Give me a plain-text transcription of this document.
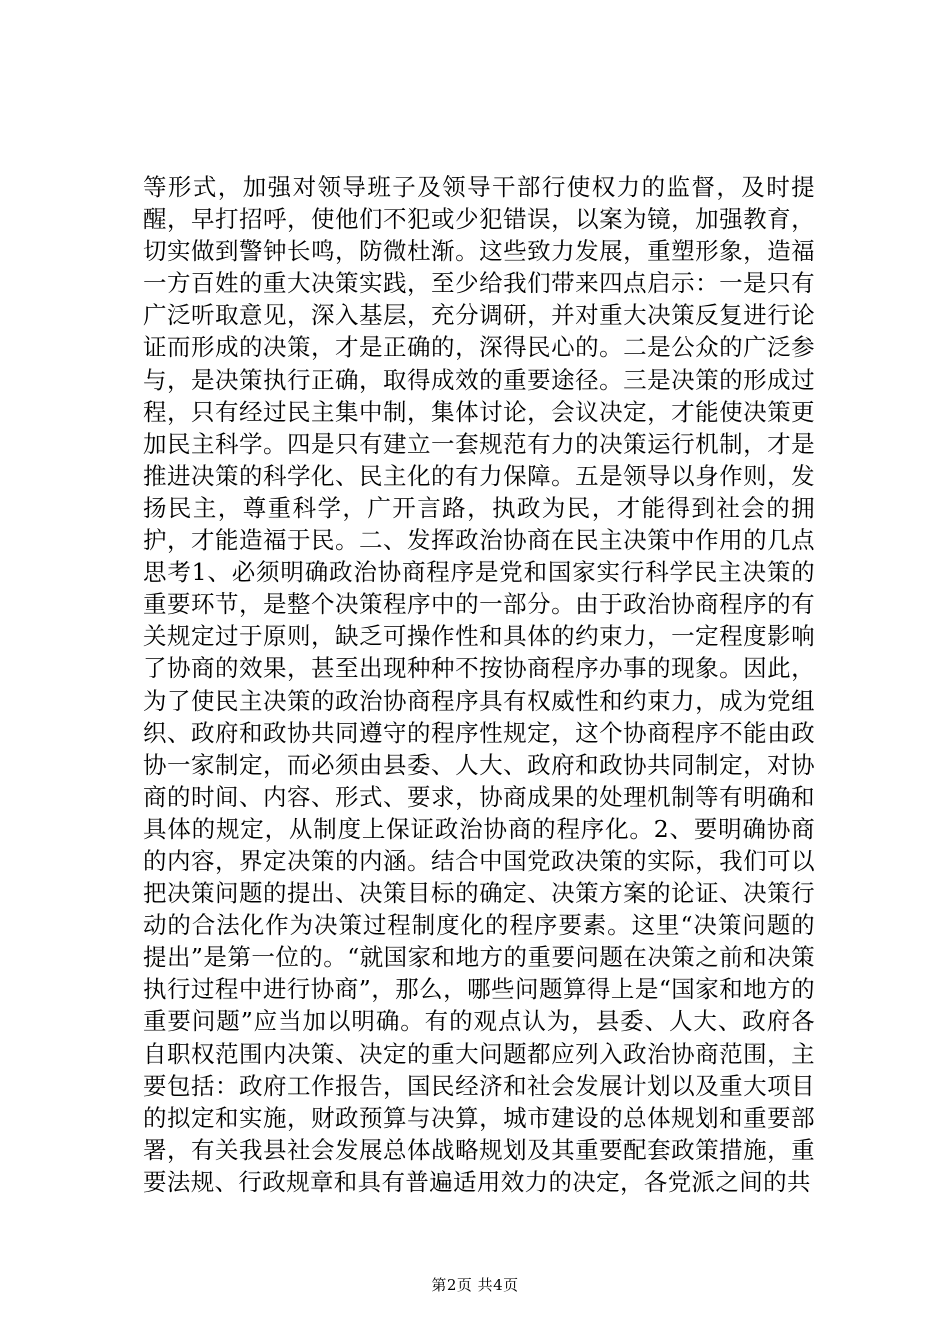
等形式，加强对领导班子及领导干部行使权力的监督，及时提醒，早打招呼，使他们不犯或少犯错误，以案为镜，加强教育，切实做到警钟长鸣，防微杜渐。这些致力发展，重塑形象，造福一方百姓的重大决策实践，至少给我们带来四点启示：一是只有广泛听取意见，深入基层，充分调研，并对重大决策反复进行论证而形成的决策，才是正确的，深得民心的。二是公众的广泛参与，是决策执行正确，取得成效的重要途径。三是决策的形成过程，只有经过民主集中制，集体讨论，会议决定，才能使决策更加民主科学。四是只有建立一套规范有力的决策运行机制，才是推进决策的科学化、民主化的有力保障。五是领导以身作则，发扬民主，尊重科学，广开言路，执政为民，才能得到社会的拥护，才能造福于民。二、发挥政治协商在民主决策中作用的几点思考1、必须明确政治协商程序是党和国家实行科学民主决策的重要环节，是整个决策程序中的一部分。由于政治协商程序的有关规定过于原则，缺乏可操作性和具体的约束力，一定程度影响了协商的效果，甚至出现种种不按协商程序办事的现象。因此，为了使民主决策的政治协商程序具有权威性和约束力，成为党组织、政府和政协共同遵守的程序性规定，这个协商程序不能由政协一家制定，而必须由县委、人大、政府和政协共同制定，对协商的时间、内容、形式、要求，协商成果的处理机制等有明确和具体的规定，从制度上保证政治协商的程序化。2、要明确协商的内容，界定决策的内涵。结合中国党政决策的实际，我们可以把决策问题的提出、决策目标的确定、决策方案的论证、决策行动的合法化作为决策过程制度化的程序要素。这里“决策问题的提出”是第一位的。“就国家和地方的重要问题在决策之前和决策执行过程中进行协商”，那么，哪些问题算得上是“国家和地方的重要问题”应当加以明确。有的观点认为，县委、人大、政府各自职权范围内决策、决定的重大问题都应列入政治协商范围，主要包括：政府工作报告，国民经济和社会发展计划以及重大项目的拟定和实施，财政预算与决算，城市建设的总体规划和重要部署，有关我县社会发展总体战略规划及其重要配套政策措施，重要法规、行政规章和具有普遍适用效力的决定，各党派之间的共

第2页 共4页
